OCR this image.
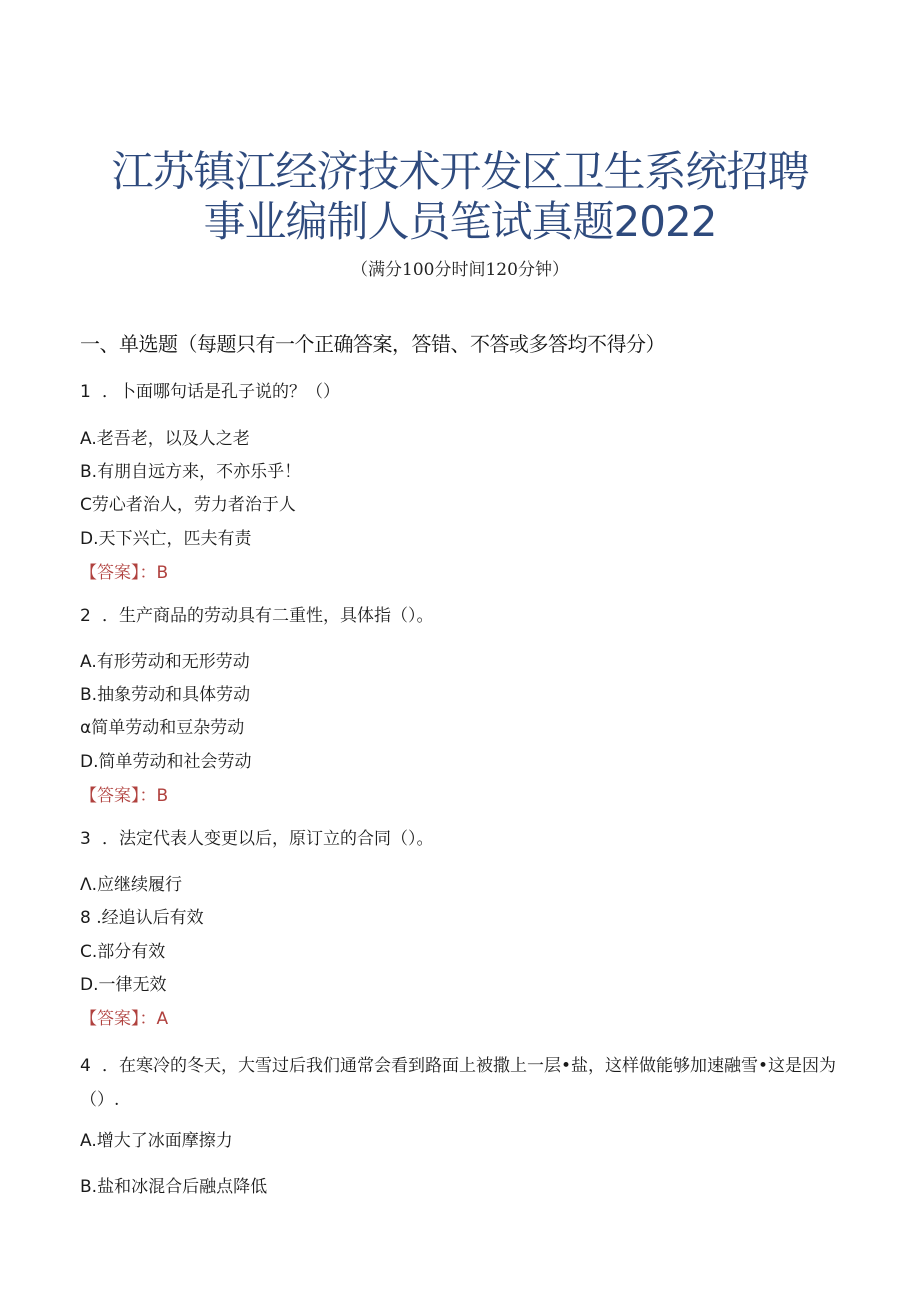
江苏镇江经济技术开发区卫生系统招聘
事业编制人员笔试真题2022
（满分100分时间120分钟）
一、单选题（每题只有一个正确答案，答错、不答或多答均不得分）
1 ．卜面哪句话是孔子说的？（）
A.老吾老，以及人之老
B.有朋自远方来，不亦乐乎！
C劳心者治人，劳力者治于人
D.天下兴亡，匹夫有责
【答案】：B
2 ．生产商品的劳动具有二重性，具体指（）。
A.有形劳动和无形劳动
B.抽象劳动和具体劳动
α简单劳动和豆杂劳动
D.简单劳动和社会劳动
【答案】：B
3 ．法定代表人变更以后，原订立的合同（）。
Λ.应继续履行
8 .经追认后有效
C.部分有效
D.一律无效
【答案】：A
4 ．在寒冷的冬天，大雪过后我们通常会看到路面上被撒上一层•盐，这样做能够加速融雪•这是因为（）.
A.增大了冰面摩擦力
B.盐和冰混合后融点降低
